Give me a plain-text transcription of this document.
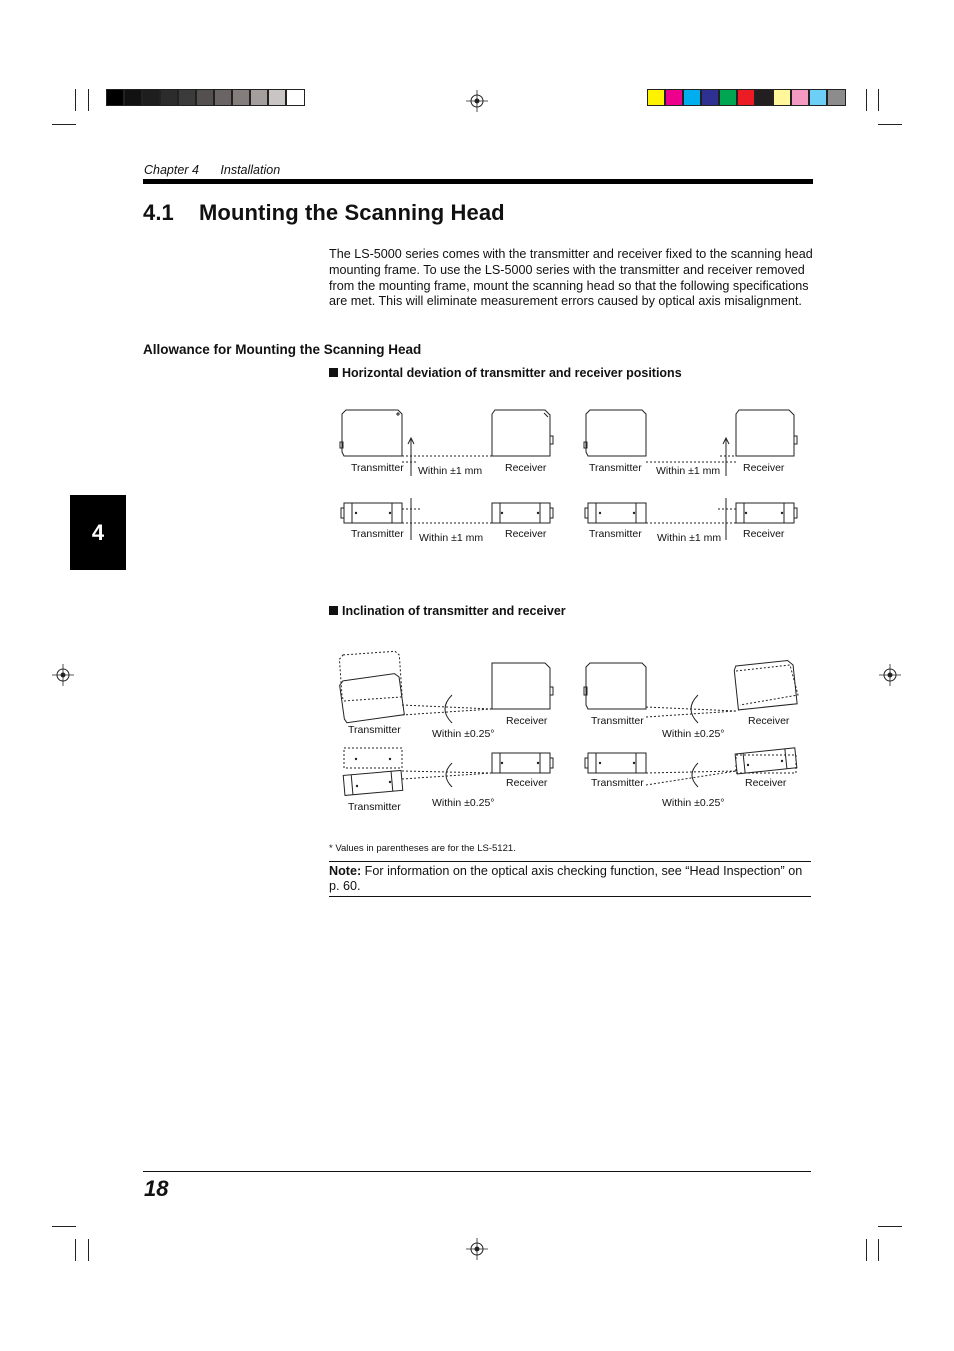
Chapter 4 Installation
4.1 Mounting the Scanning Head
The LS-5000 series comes with the transmitter and receiver fixed to the scanning head mounting frame. To use the LS-5000 series with the transmitter and receiver removed from the mounting frame, mount the scanning head so that the following specifications are met. This will eliminate measurement errors caused by optical axis misalignment.
Allowance for Mounting the Scanning Head
Horizontal deviation of transmitter and receiver positions
Transmitter Within ±1 mm Receiver	Transmitter Within ±1 mm Receiver
Transmitter Within ±1 mm Receiver	Transmitter Within ±1 mm Receiver
Inclination of transmitter and receiver
Transmitter	Within ±0.25°
Receiver	Transmitter
Within ±0.25°
Receiver
Transmitter	Within ±0.25°
Receiver	Transmitter
Within ±0.25°
Receiver
* Values in parentheses are for the LS-5121.
Note: For information on the optical axis checking function, see “Head Inspection” on p. 60.
4
18
